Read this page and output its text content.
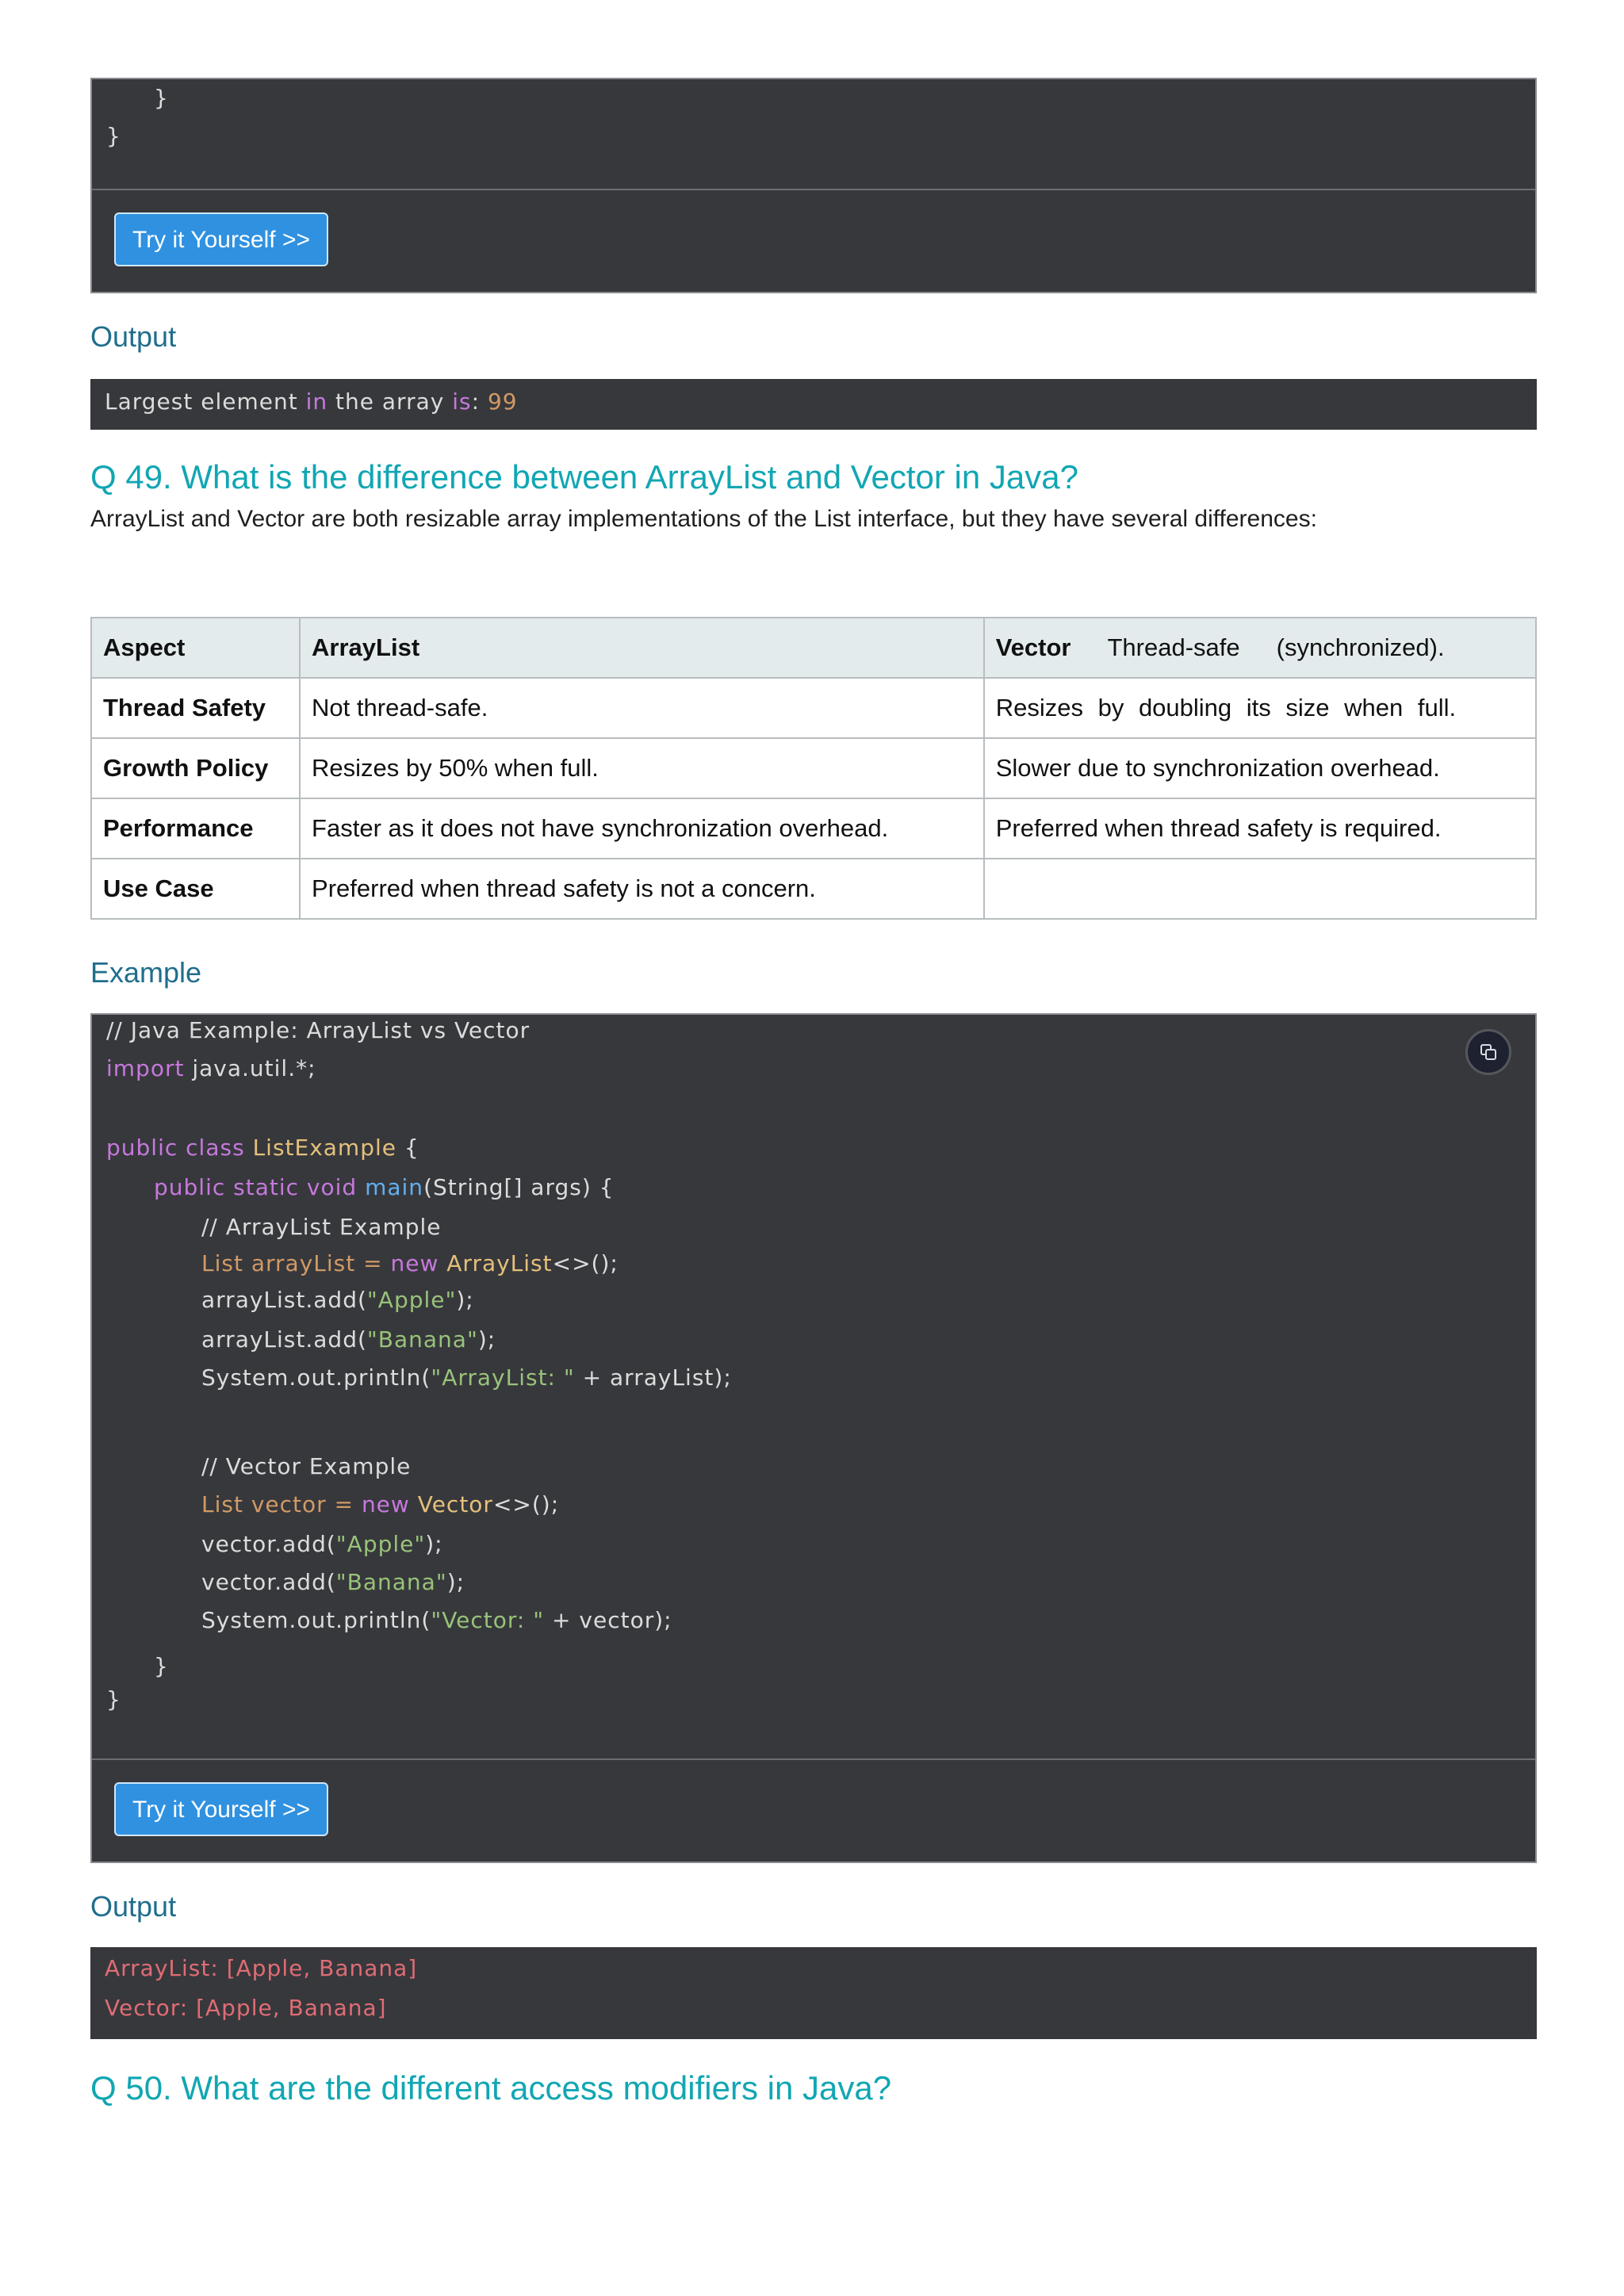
}

}

Try it Yourself >>

Output
Largest element in the array is: 99
Q 49. What is the difference between ArrayList and Vector in Java?
ArrayList and Vector are both resizable array implementations of the List interface, but they have several differences:
Aspect	ArrayList	Vector Thread-safe (synchronized).
Thread Safety	Not thread-safe.	Resizes by doubling its size when full.
Growth Policy	Resizes by 50% when full.	Slower due to synchronization overhead.
Performance	Faster as it does not have synchronization overhead.	Preferred when thread safety is required.
Use Case	Preferred when thread safety is not a concern.	
Example

// Java Example: ArrayList vs Vector

import java.util.*;

public class ListExample {

public static void main(String[] args) {

// ArrayList Example

List arrayList = new ArrayList<>();

arrayList.add("Apple");

arrayList.add("Banana");

System.out.println("ArrayList: " + arrayList);

// Vector Example

List vector = new Vector<>();

vector.add("Apple");

vector.add("Banana");

System.out.println("Vector: " + vector);

}

}

Try it Yourself >>

Output
ArrayList: [Apple, Banana]
Vector: [Apple, Banana]
Q 50. What are the different access modifiers in Java?
